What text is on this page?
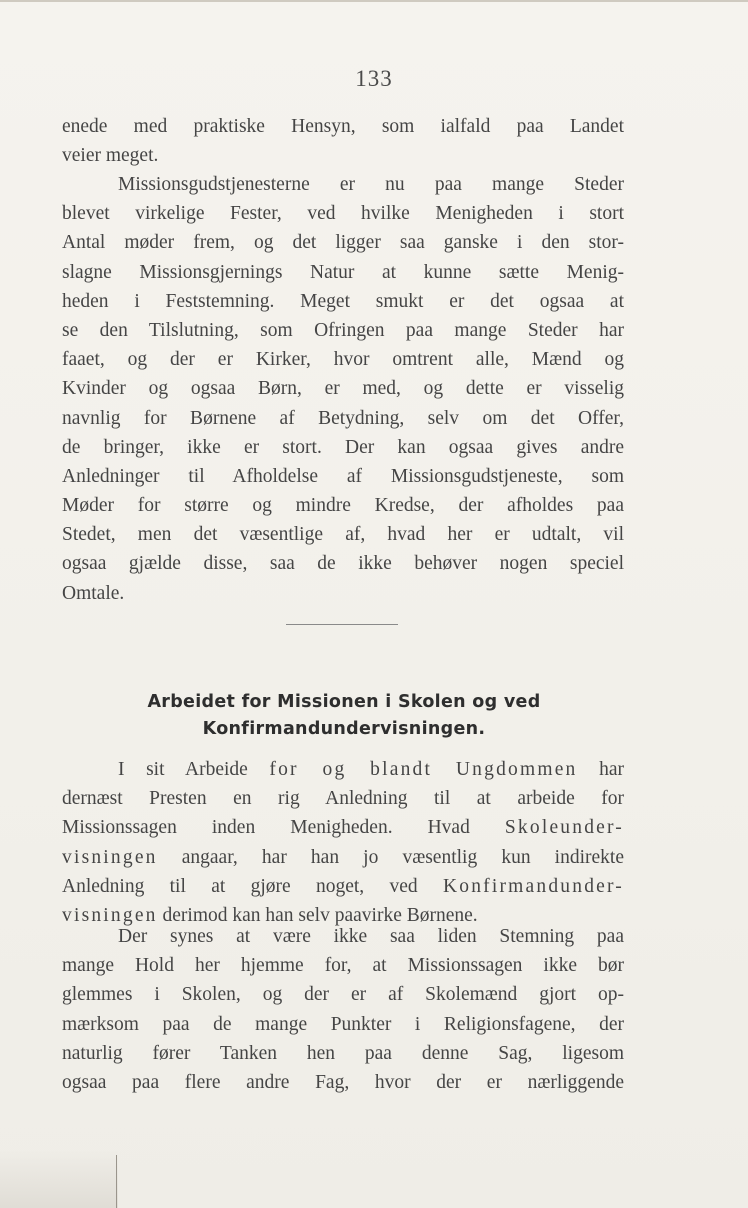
133
enede med praktiske Hensyn, som ialfald paa Landet
veier meget.
Missionsgudstjenesterne er nu paa mange Steder
blevet virkelige Fester, ved hvilke Menigheden i stort
Antal møder frem, og det ligger saa ganske i den stor-
slagne Missionsgjernings Natur at kunne sætte Menig-
heden i Feststemning. Meget smukt er det ogsaa at
se den Tilslutning, som Ofringen paa mange Steder har
faaet, og der er Kirker, hvor omtrent alle, Mænd og
Kvinder og ogsaa Børn, er med, og dette er visselig
navnlig for Børnene af Betydning, selv om det Offer,
de bringer, ikke er stort. Der kan ogsaa gives andre
Anledninger til Afholdelse af Missionsgudstjeneste, som
Møder for større og mindre Kredse, der afholdes paa
Stedet, men det væsentlige af, hvad her er udtalt, vil
ogsaa gjælde disse, saa de ikke behøver nogen speciel
Omtale.
Arbeidet for Missionen i Skolen og ved
Konfirmandundervisningen.
I sit Arbeide for og blandt Ungdommen har
dernæst Presten en rig Anledning til at arbeide for
Missionssagen inden Menigheden. Hvad Skoleunder-
visningen angaar, har han jo væsentlig kun indirekte
Anledning til at gjøre noget, ved Konfirmandunder-
visningen derimod kan han selv paavirke Børnene.
Der synes at være ikke saa liden Stemning paa
mange Hold her hjemme for, at Missionssagen ikke bør
glemmes i Skolen, og der er af Skolemænd gjort op-
mærksom paa de mange Punkter i Religionsfagene, der
naturlig fører Tanken hen paa denne Sag, ligesom
ogsaa paa flere andre Fag, hvor der er nærliggende
